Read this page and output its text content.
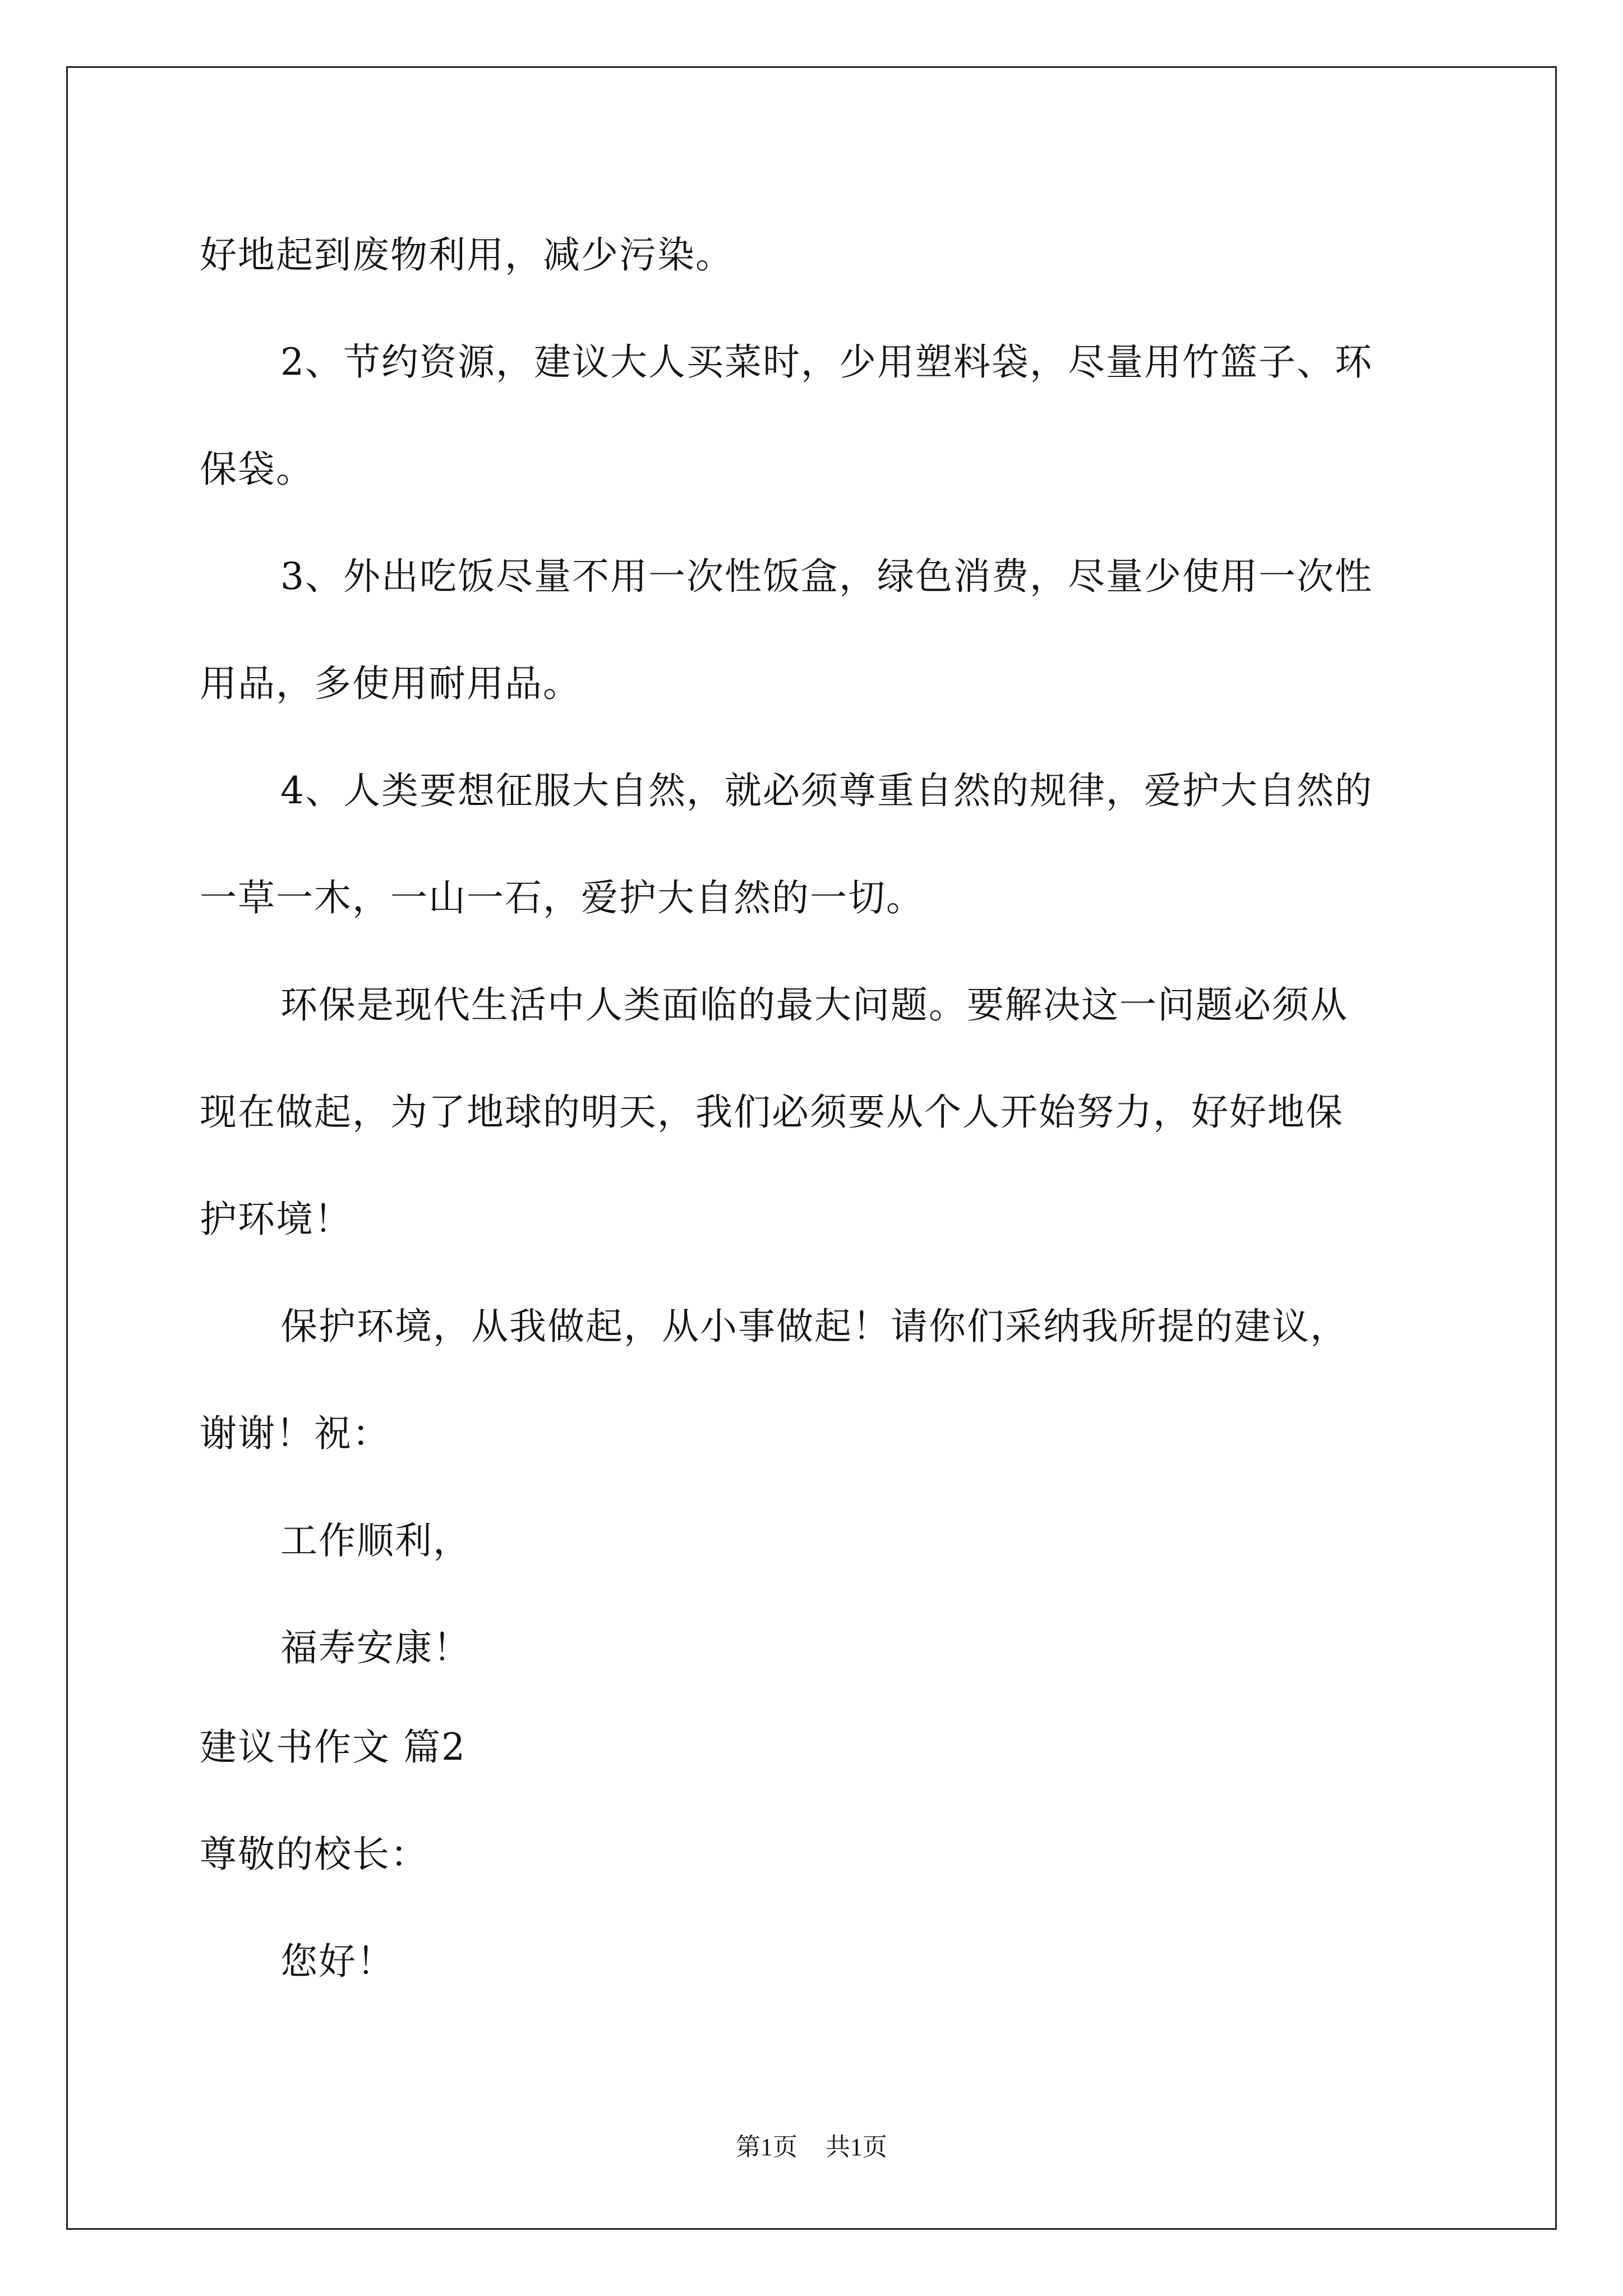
好地起到废物利用，减少污染。
2、节约资源，建议大人买菜时，少用塑料袋，尽量用竹篮子、环
保袋。
3、外出吃饭尽量不用一次性饭盒，绿色消费，尽量少使用一次性
用品，多使用耐用品。
4、人类要想征服大自然，就必须尊重自然的规律，爱护大自然的
一草一木，一山一石，爱护大自然的一切。
环保是现代生活中人类面临的最大问题。要解决这一问题必须从
现在做起，为了地球的明天，我们必须要从个人开始努力，好好地保
护环境！
保护环境，从我做起，从小事做起！请你们采纳我所提的建议，
谢谢！祝：
工作顺利，
福寿安康！
建议书作文 篇2
尊敬的校长：
您好！
第1页 共1页
